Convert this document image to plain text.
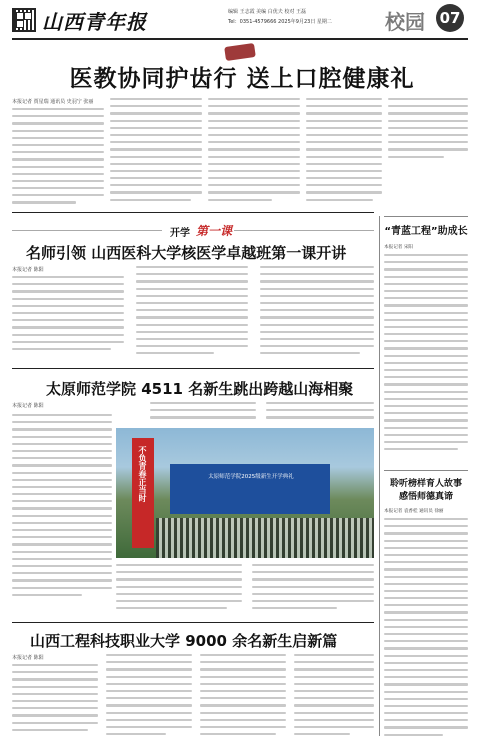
山西青年报	编辑 王志霞 美编 白优夫 校对 王磊
Tel：0351-4579666 2025年9月23日 星期二	校园 07
医教协同护齿行 送上口腔健康礼
本报记者 贾星瑞 通讯员 史羽宁 张丽
开学 第一课
名师引领 山西医科大学核医学卓越班第一课开讲
本报记者 陈阳
太原师范学院 4511 名新生跳出跨越山海相聚
本报记者 陈阳
太原师范学院2025级新生开学典礼
不负青春正当时
山西工程科技职业大学 9000 余名新生启新篇
本报记者 陈阳
“青蓝工程”助成长
本报记者 宋阳
聆听榜样育人故事
感悟师德真谛
本报记者 袁香桂 通讯员 徐丽
